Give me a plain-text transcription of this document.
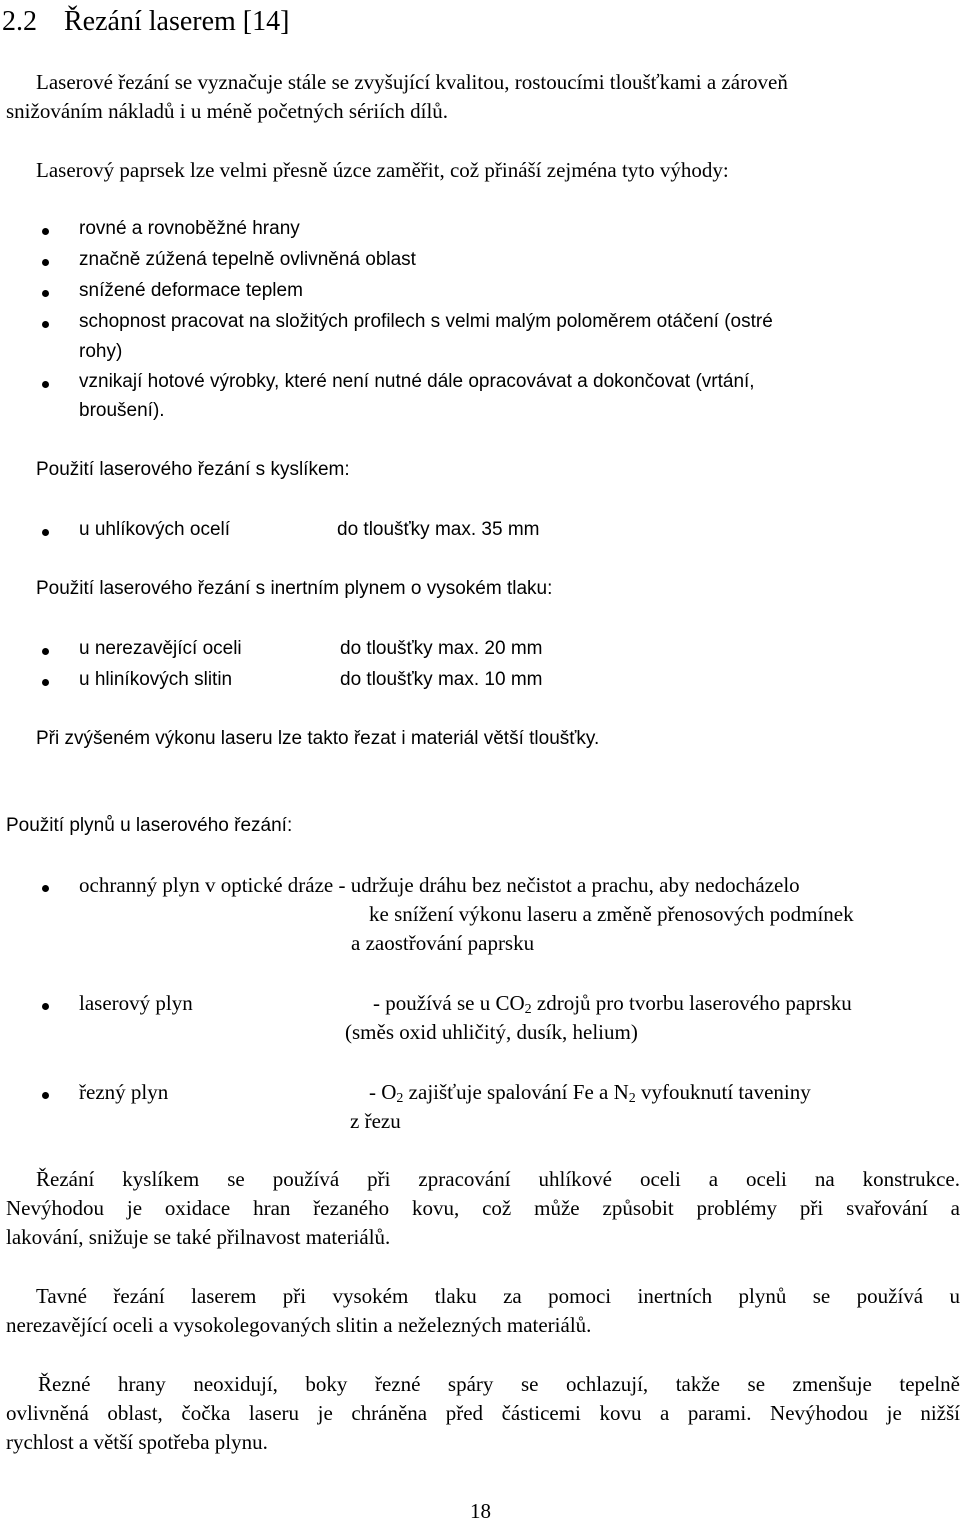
2.2 Řezání laserem [14]
Laserové řezání se vyznačuje stále se zvyšující kvalitou, rostoucími tloušťkami a zároveň
snižováním nákladů i u méně početných sériích dílů.
Laserový paprsek lze velmi přesně úzce zaměřit, což přináší zejména tyto výhody:
rovné a rovnoběžné hrany
značně zúžená tepelně ovlivněná oblast
snížené deformace teplem
schopnost pracovat na složitých profilech s velmi malým poloměrem otáčení (ostré
rohy)
vznikají hotové výrobky, které není nutné dále opracovávat a dokončovat (vrtání,
broušení).
Použití laserového řezání s kyslíkem:
u uhlíkových ocelí	do tloušťky max. 35 mm
Použití laserového řezání s inertním plynem o vysokém tlaku:
u nerezavějící oceli	do tloušťky max. 20 mm
u hliníkových slitin	do tloušťky max. 10 mm
Při zvýšeném výkonu laseru lze takto řezat i materiál větší tloušťky.
Použití plynů u laserového řezání:
ochranný plyn v optické dráze - udržuje dráhu bez nečistot a prachu, aby nedocházelo
ke snížení výkonu laseru a změně přenosových podmínek
a zaostřování paprsku
laserový plyn	- používá se u $CO_2$ zdrojů pro tvorbu laserového paprsku
(směs oxid uhličitý, dusík, helium)
řezný plyn	- $O_2$ zajišťuje spalování Fe a $N_2$ vyfouknutí taveniny
z řezu
Řezání kyslíkem se používá při zpracování uhlíkové oceli a oceli na konstrukce.
Nevýhodou je oxidace hran řezaného kovu, což může způsobit problémy při svařování a
lakování, snižuje se také přilnavost materiálů.
Tavné řezání laserem při vysokém tlaku za pomoci inertních plynů se používá u
nerezavějící oceli a vysokolegovaných slitin a neželezných materiálů.
Řezné hrany neoxidují, boky řezné spáry se ochlazují, takže se zmenšuje tepelně
ovlivněná oblast, čočka laseru je chráněna před částicemi kovu a parami. Nevýhodou je nižší
rychlost a větší spotřeba plynu.
18
